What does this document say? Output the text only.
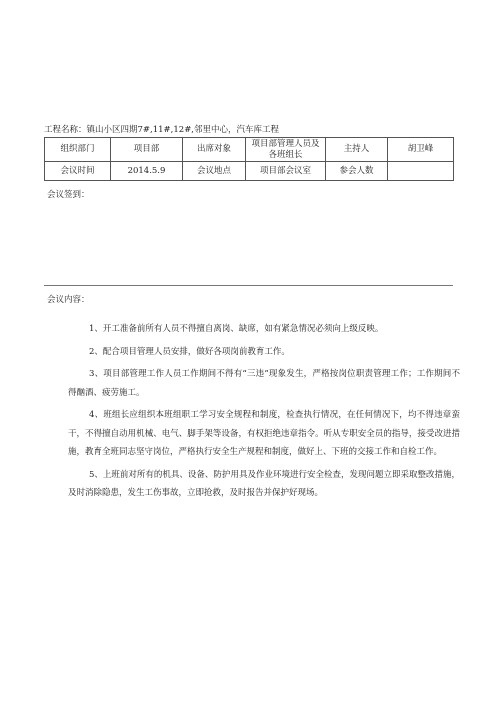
工程名称：镇山小区四期7#,11#,12#,邻里中心，汽车库工程
组织部门	项目部	出席对象	项目部管理人员及各班组长	主持人	胡卫峰
会议时间	2014.5.9	会议地点	项目部会议室	参会人数	
会议签到：
会议内容：

1、开工准备前所有人员不得擅自离岗、缺席，如有紧急情况必须向上级反映。

2、配合项目管理人员安排，做好各项岗前教育工作。

3、项目部管理工作人员工作期间不得有“三违”现象发生，严格按岗位职责管理工作；工作期间不得酗酒、疲劳施工。

4、班组长应组织本班组职工学习安全规程和制度，检查执行情况，在任何情况下，均不得违章蛮干，不得擅自动用机械、电气、脚手架等设备，有权拒绝违章指令。听从专职安全员的指导，接受改进措施，教育全班同志坚守岗位，严格执行安全生产规程和制度，做好上、下班的交接工作和自检工作。

5、上班前对所有的机具、设备、防护用具及作业环境进行安全检查，发现问题立即采取整改措施，及时消除隐患，发生工伤事故，立即抢救，及时报告并保护好现场。
